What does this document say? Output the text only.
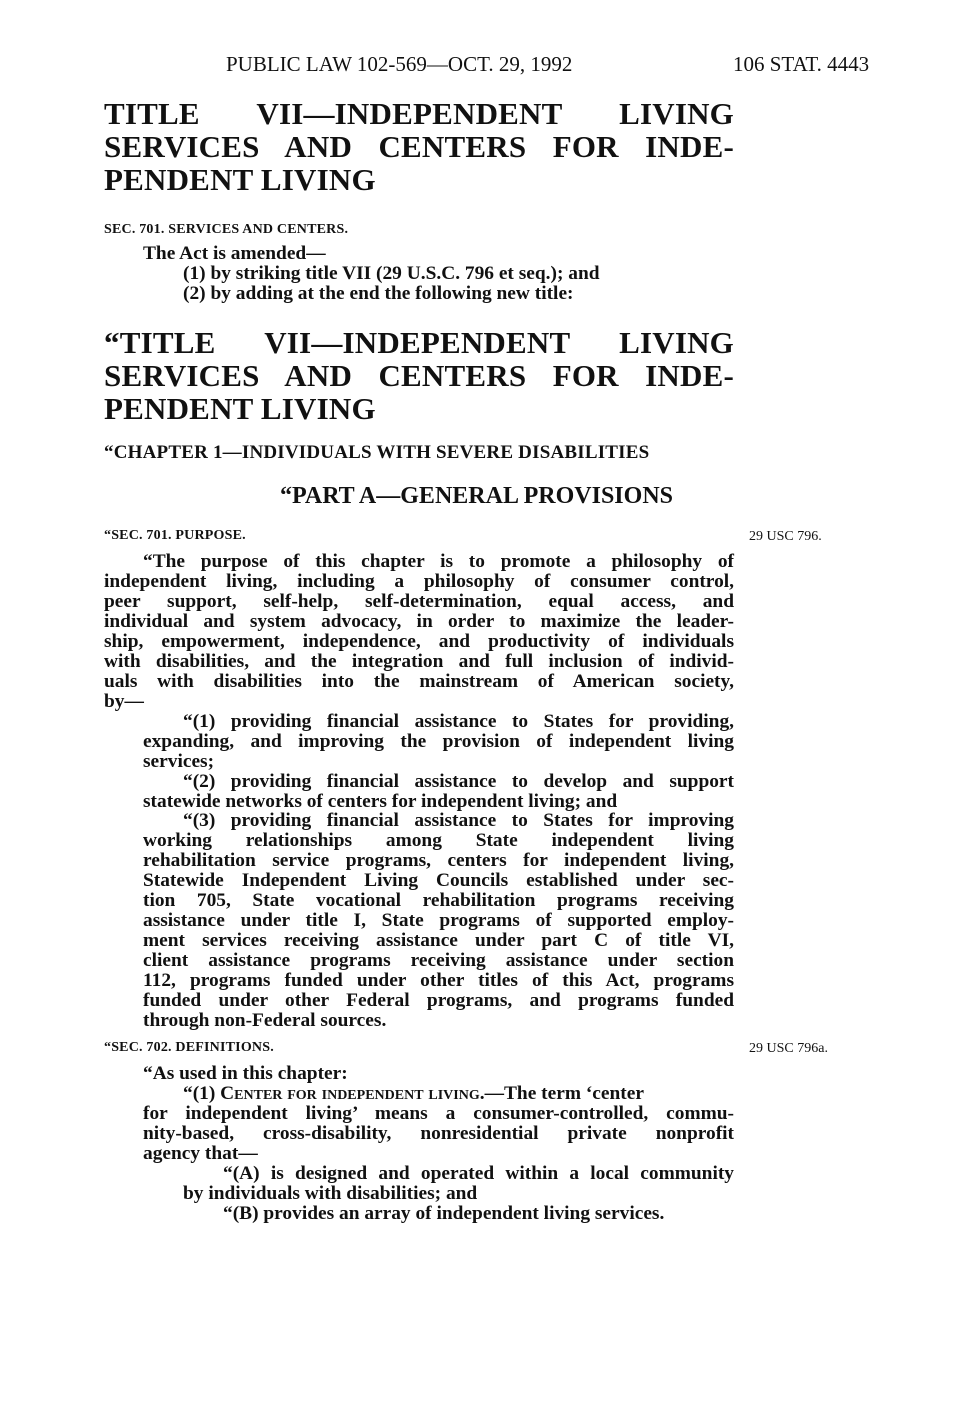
PUBLIC LAW 102-569—OCT. 29, 1992	106 STAT. 4443
TITLE VII—INDEPENDENT LIVING
SERVICES AND CENTERS FOR INDE-
PENDENT LIVING
SEC. 701. SERVICES AND CENTERS.
The Act is amended—
(1) by striking title VII (29 U.S.C. 796 et seq.); and
(2) by adding at the end the following new title:
“TITLE VII—INDEPENDENT LIVING
SERVICES AND CENTERS FOR INDE-
PENDENT LIVING
“CHAPTER 1—INDIVIDUALS WITH SEVERE DISABILITIES
“PART A—GENERAL PROVISIONS
“SEC. 701. PURPOSE.	29 USC 796.
“The purpose of this chapter is to promote a philosophy of
independent living, including a philosophy of consumer control,
peer support, self-help, self-determination, equal access, and
individual and system advocacy, in order to maximize the leader-
ship, empowerment, independence, and productivity of individuals
with disabilities, and the integration and full inclusion of individ-
uals with disabilities into the mainstream of American society,
by—
“(1) providing financial assistance to States for providing,
expanding, and improving the provision of independent living
services;
“(2) providing financial assistance to develop and support
statewide networks of centers for independent living; and
“(3) providing financial assistance to States for improving
working relationships among State independent living
rehabilitation service programs, centers for independent living,
Statewide Independent Living Councils established under sec-
tion 705, State vocational rehabilitation programs receiving
assistance under title I, State programs of supported employ-
ment services receiving assistance under part C of title VI,
client assistance programs receiving assistance under section
112, programs funded under other titles of this Act, programs
funded under other Federal programs, and programs funded
through non-Federal sources.
“SEC. 702. DEFINITIONS.	29 USC 796a.
“As used in this chapter:
“(1) Center for independent living.—The term ‘center
for independent living’ means a consumer-controlled, commu-
nity-based, cross-disability, nonresidential private nonprofit
agency that—
“(A) is designed and operated within a local community
by individuals with disabilities; and
“(B) provides an array of independent living services.
